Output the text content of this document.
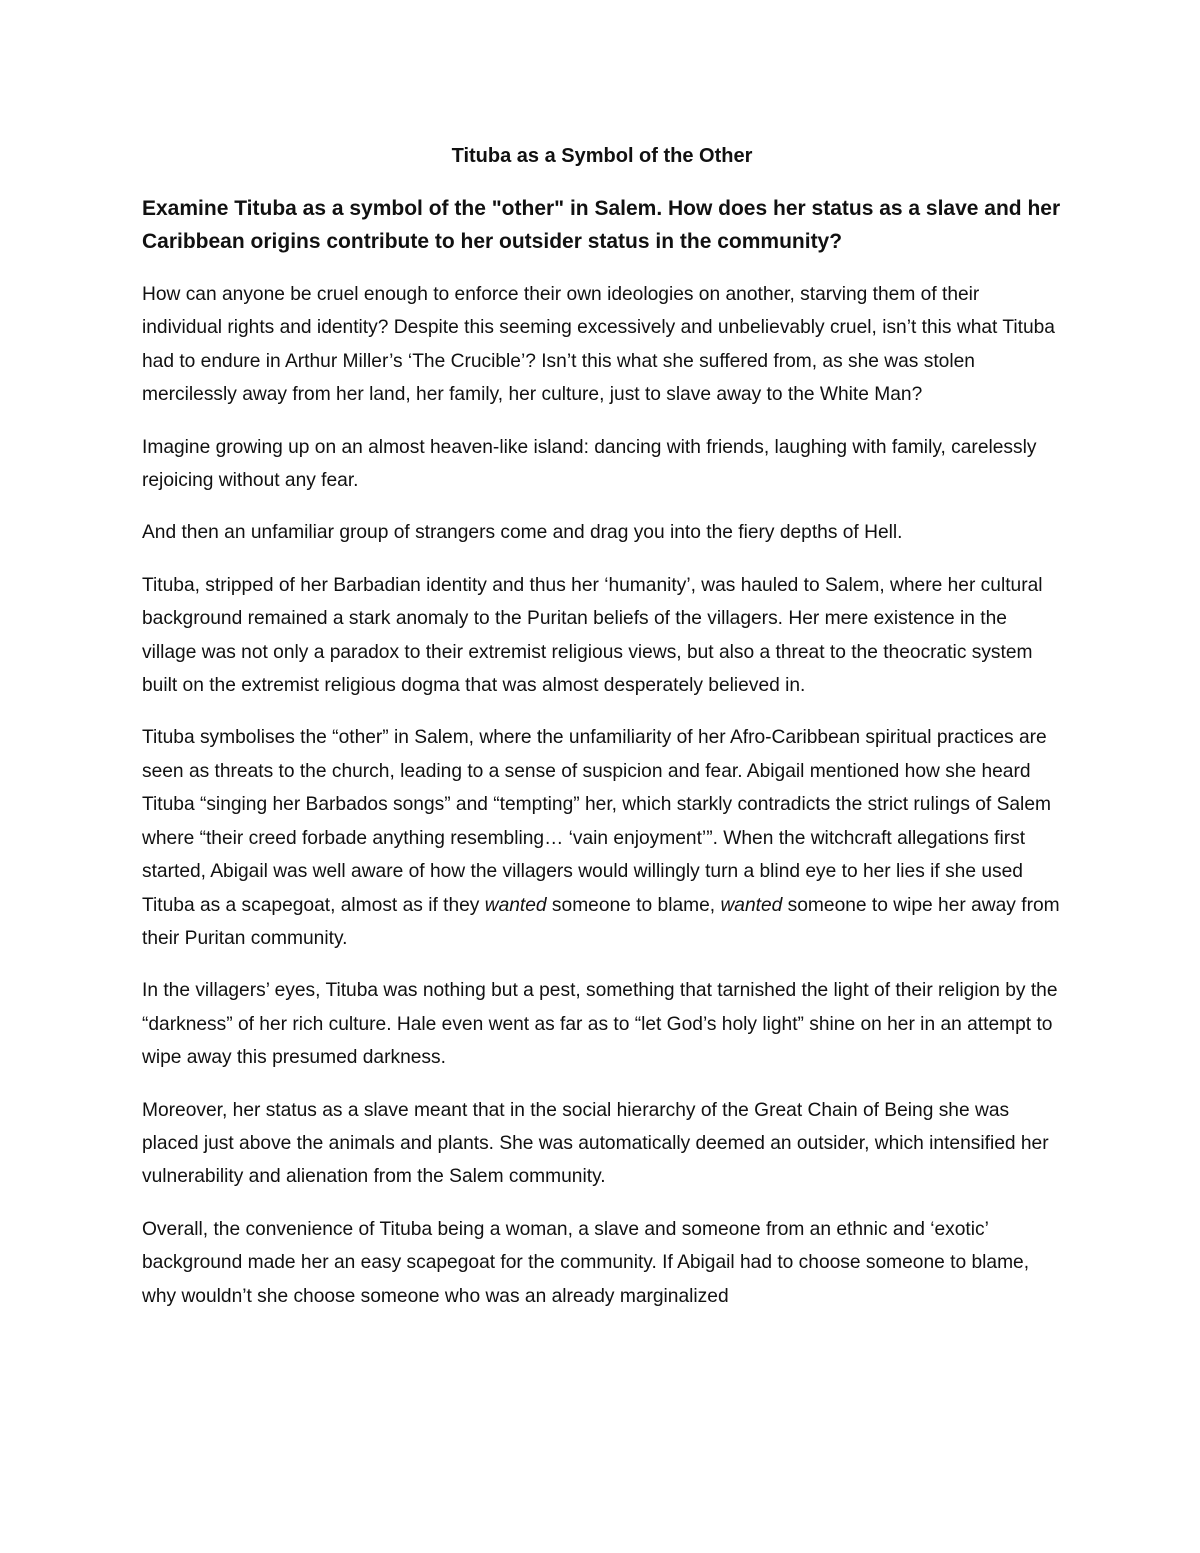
Tituba as a Symbol of the Other
Examine Tituba as a symbol of the "other" in Salem. How does her status as a slave and her Caribbean origins contribute to her outsider status in the community?

How can anyone be cruel enough to enforce their own ideologies on another, starving them of their individual rights and identity? Despite this seeming excessively and unbelievably cruel, isn’t this what Tituba had to endure in Arthur Miller’s ‘The Crucible’? Isn’t this what she suffered from, as she was stolen mercilessly away from her land, her family, her culture, just to slave away to the White Man?

Imagine growing up on an almost heaven-like island: dancing with friends, laughing with family, carelessly rejoicing without any fear.

And then an unfamiliar group of strangers come and drag you into the fiery depths of Hell.

Tituba, stripped of her Barbadian identity and thus her ‘humanity’, was hauled to Salem, where her cultural background remained a stark anomaly to the Puritan beliefs of the villagers. Her mere existence in the village was not only a paradox to their extremist religious views, but also a threat to the theocratic system built on the extremist religious dogma that was almost desperately believed in.

Tituba symbolises the “other” in Salem, where the unfamiliarity of her Afro-Caribbean spiritual practices are seen as threats to the church, leading to a sense of suspicion and fear. Abigail mentioned how she heard Tituba “singing her Barbados songs” and “tempting” her, which starkly contradicts the strict rulings of Salem where “their creed forbade anything resembling… ‘vain enjoyment’”. When the witchcraft allegations first started, Abigail was well aware of how the villagers would willingly turn a blind eye to her lies if she used Tituba as a scapegoat, almost as if they wanted someone to blame, wanted someone to wipe her away from their Puritan community.

In the villagers’ eyes, Tituba was nothing but a pest, something that tarnished the light of their religion by the “darkness” of her rich culture. Hale even went as far as to “let God’s holy light” shine on her in an attempt to wipe away this presumed darkness.

Moreover, her status as a slave meant that in the social hierarchy of the Great Chain of Being she was placed just above the animals and plants. She was automatically deemed an outsider, which intensified her vulnerability and alienation from the Salem community.

Overall, the convenience of Tituba being a woman, a slave and someone from an ethnic and ‘exotic’ background made her an easy scapegoat for the community. If Abigail had to choose someone to blame, why wouldn’t she choose someone who was an already marginalized
